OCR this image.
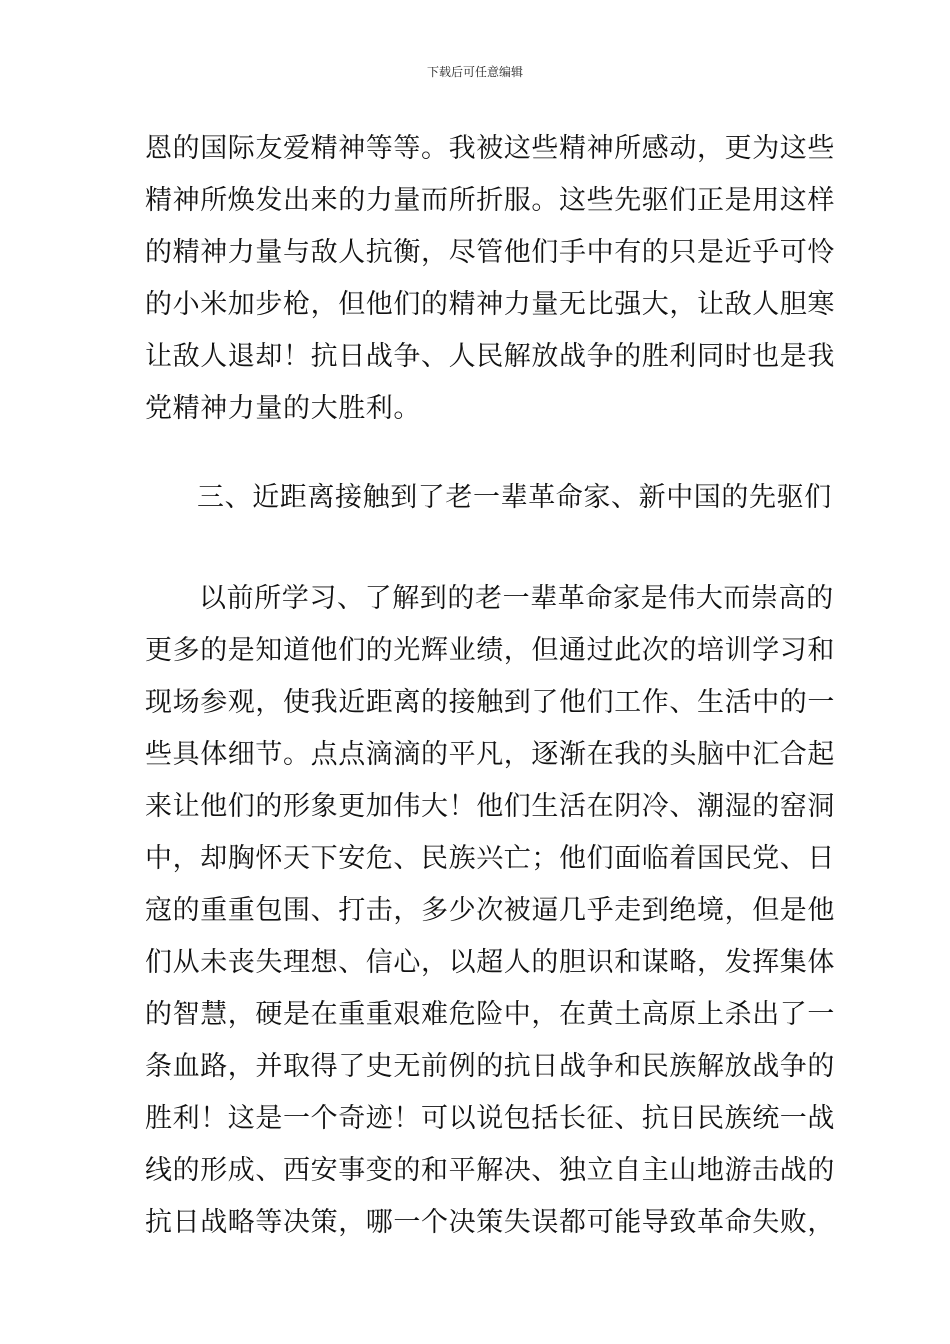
下载后可任意编辑
恩的国际友爱精神等等。我被这些精神所感动，更为这些
精神所焕发出来的力量而所折服。这些先驱们正是用这样
的精神力量与敌人抗衡，尽管他们手中有的只是近乎可怜
的小米加步枪，但他们的精神力量无比强大，让敌人胆寒
让敌人退却！抗日战争、人民解放战争的胜利同时也是我
党精神力量的大胜利。
三、近距离接触到了老一辈革命家、新中国的先驱们
以前所学习、了解到的老一辈革命家是伟大而崇高的
更多的是知道他们的光辉业绩，但通过此次的培训学习和
现场参观，使我近距离的接触到了他们工作、生活中的一
些具体细节。点点滴滴的平凡，逐渐在我的头脑中汇合起
来让他们的形象更加伟大！他们生活在阴冷、潮湿的窑洞
中，却胸怀天下安危、民族兴亡；他们面临着国民党、日
寇的重重包围、打击，多少次被逼几乎走到绝境，但是他
们从未丧失理想、信心，以超人的胆识和谋略，发挥集体
的智慧，硬是在重重艰难危险中，在黄土高原上杀出了一
条血路，并取得了史无前例的抗日战争和民族解放战争的
胜利！这是一个奇迹！可以说包括长征、抗日民族统一战
线的形成、西安事变的和平解决、独立自主山地游击战的
抗日战略等决策，哪一个决策失误都可能导致革命失败，
